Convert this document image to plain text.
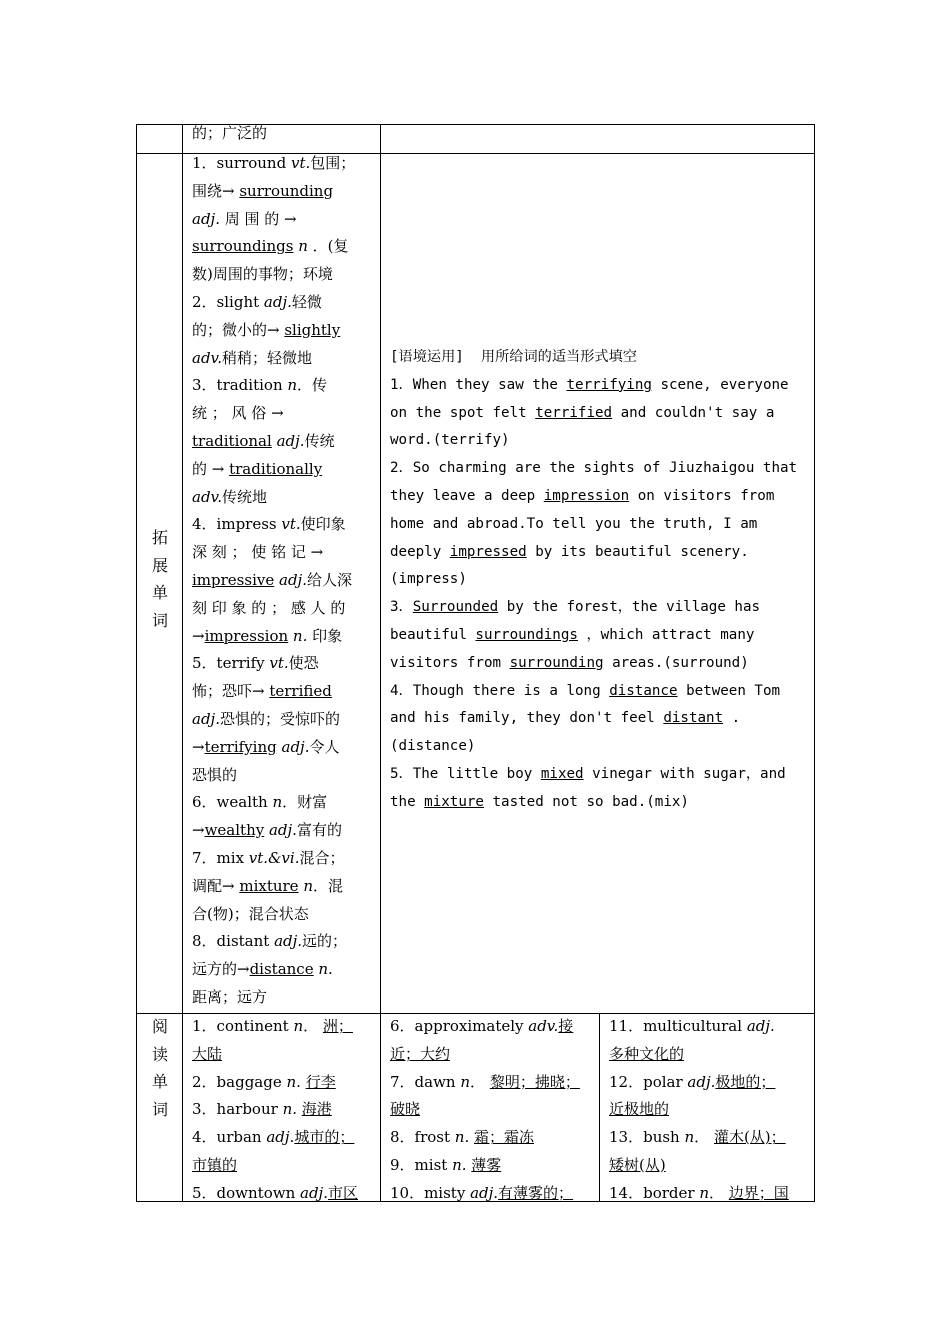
的；广泛的
拓
展
单
词
1．surround vt.包围；
围绕→ surrounding
adj. 周 围 的 →
surroundings n ．(复
数)周围的事物；环境
2．slight adj.轻微
的；微小的→ slightly
adv.稍稍；轻微地
3．tradition n．传
统 ； 风 俗 →
traditional adj.传统
的 → traditionally
adv.传统地
4．impress vt.使印象
深 刻 ； 使 铭 记 →
impressive adj.给人深
刻 印 象 的 ； 感 人 的
→impression n. 印象
5．terrify vt.使恐
怖；恐吓→ terrified
adj.恐惧的；受惊吓的
→terrifying adj.令人
恐惧的
6．wealth n．财富
→wealthy adj.富有的
7．mix vt.&vi.混合；
调配→ mixture n．混
合(物)；混合状态
8．distant adj.远的；
远方的→distance n.
距离；远方
[语境运用]  用所给词的适当形式填空
1．When they saw the terrifying scene, everyone
on the spot felt terrified and couldn't say a
word.(terrify)
2．So charming are the sights of Jiuzhaigou that
they leave a deep impression on visitors from
home and abroad.To tell you the truth, I am
deeply impressed by its beautiful scenery.
(impress)
3．Surrounded by the forest，the village has
beautiful surroundings ，which attract many
visitors from surrounding areas.(surround)
4．Though there is a long distance between Tom
and his family, they don't feel distant .
(distance)
5．The little boy mixed vinegar with sugar，and
the mixture tasted not so bad.(mix)
阅
读
单
词
1．continent n． 洲；
大陆
2．baggage n. 行李
3．harbour n. 海港
4．urban adj.城市的；
市镇的
5．downtown adj.市区
6．approximately adv.接
近；大约
7．dawn n． 黎明；拂晓；
破晓
8．frost n. 霜；霜冻
9．mist n. 薄雾
10．misty adj.有薄雾的；
11．multicultural adj.
多种文化的
12．polar adj.极地的；
近极地的
13．bush n． 灌木(从)；
矮树(从)
14．border n． 边界；国
